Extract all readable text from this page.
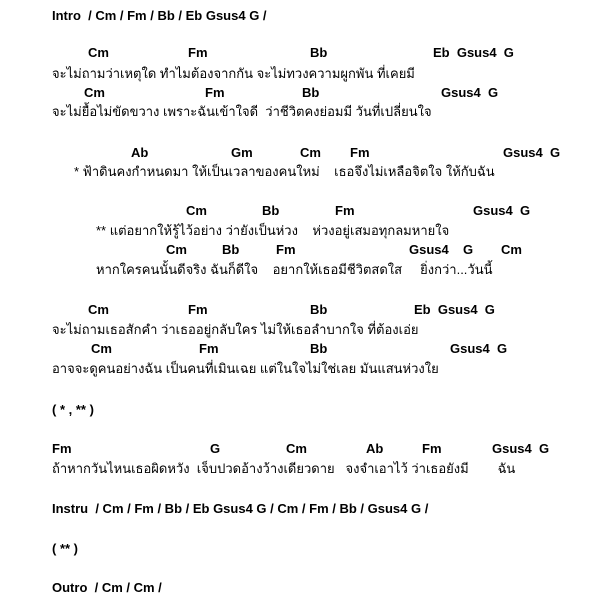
Intro  / Cm / Fm / Bb / Eb Gsus4 G /
Cm	Fm	Bb	Eb  Gsus4  G
จะไม่ถามว่าเหตุใด ทำไมต้องจากกัน จะไม่ทวงความผูกพัน ที่เคยมี
Cm	Fm	Bb	Gsus4  G
จะไม่ยื้อไม่ขัดขวาง เพราะฉันเข้าใจดี  ว่าชีวิตคงย่อมมี วันที่เปลี่ยนใจ
Ab	Gm	Cm Fm	Gsus4  G
* ฟ้าดินคงกำหนดมา ให้เป็นเวลาของคนใหม่    เธอจึงไม่เหลือจิตใจ ให้กับฉัน
Cm	Bb	Fm	Gsus4  G
** แต่อยากให้รู้ไว้อย่าง ว่ายังเป็นห่วง    ห่วงอยู่เสมอทุกลมหายใจ
Cm	Bb	Fm	Gsus4 G Cm
หากใครคนนั้นดีจริง ฉันก็ดีใจ    อยากให้เธอมีชีวิตสดใส     ยิ่งกว่า...วันนี้
Cm	Fm	Bb	Eb  Gsus4  G
จะไม่ถามเธอสักคำ ว่าเธออยู่กลับใคร ไม่ให้เธอลำบากใจ ที่ต้องเอ่ย
Cm	Fm	Bb	Gsus4  G
อาจจะดูคนอย่างฉัน เป็นคนที่เมินเฉย แต่ในใจไม่ใช่เลย มันแสนห่วงใย
( * , ** )
Fm	G	Cm	Ab	Fm	Gsus4  G
ถ้าหากวันไหนเธอผิดหวัง  เจ็บปวดอ้างว้างเดียวดาย   จงจำเอาไว้ ว่าเธอยังมี        ฉัน
Instru  / Cm / Fm / Bb / Eb Gsus4 G / Cm / Fm / Bb / Gsus4 G /
( ** )
Outro  / Cm / Cm /
